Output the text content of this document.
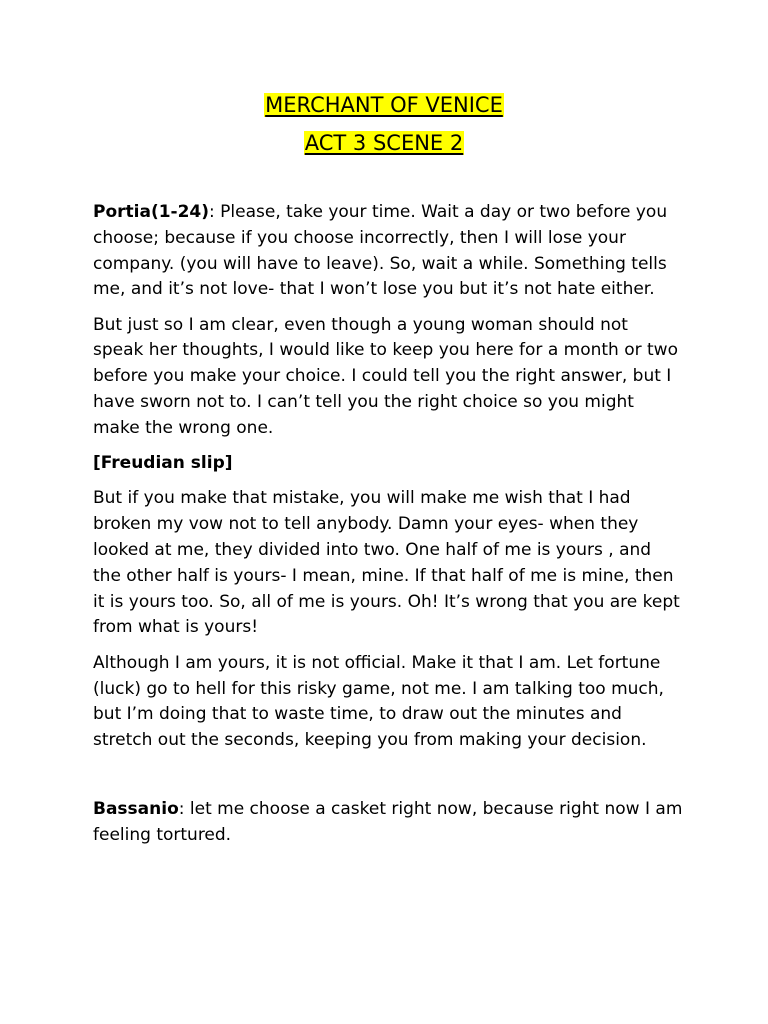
MERCHANT OF VENICE
ACT 3 SCENE 2

Portia(1-24): Please, take your time. Wait a day or two before you choose; because if you choose incorrectly, then I will lose your company. (you will have to leave). So, wait a while. Something tells me, and it’s not love- that I won’t lose you but it’s not hate either.

But just so I am clear, even though a young woman should not speak her thoughts, I would like to keep you here for a month or two before you make your choice. I could tell you the right answer, but I have sworn not to. I can’t tell you the right choice so you might make the wrong one.

[Freudian slip]

But if you make that mistake, you will make me wish that I had broken my vow not to tell anybody. Damn your eyes- when they looked at me, they divided into two. One half of me is yours , and the other half is yours- I mean, mine. If that half of me is mine, then it is yours too. So, all of me is yours. Oh! It’s wrong that you are kept from what is yours!

Although I am yours, it is not official. Make it that I am. Let fortune (luck) go to hell for this risky game, not me. I am talking too much, but I’m doing that to waste time, to draw out the minutes and stretch out the seconds, keeping you from making your decision.

Bassanio: let me choose a casket right now, because right now I am feeling tortured.
